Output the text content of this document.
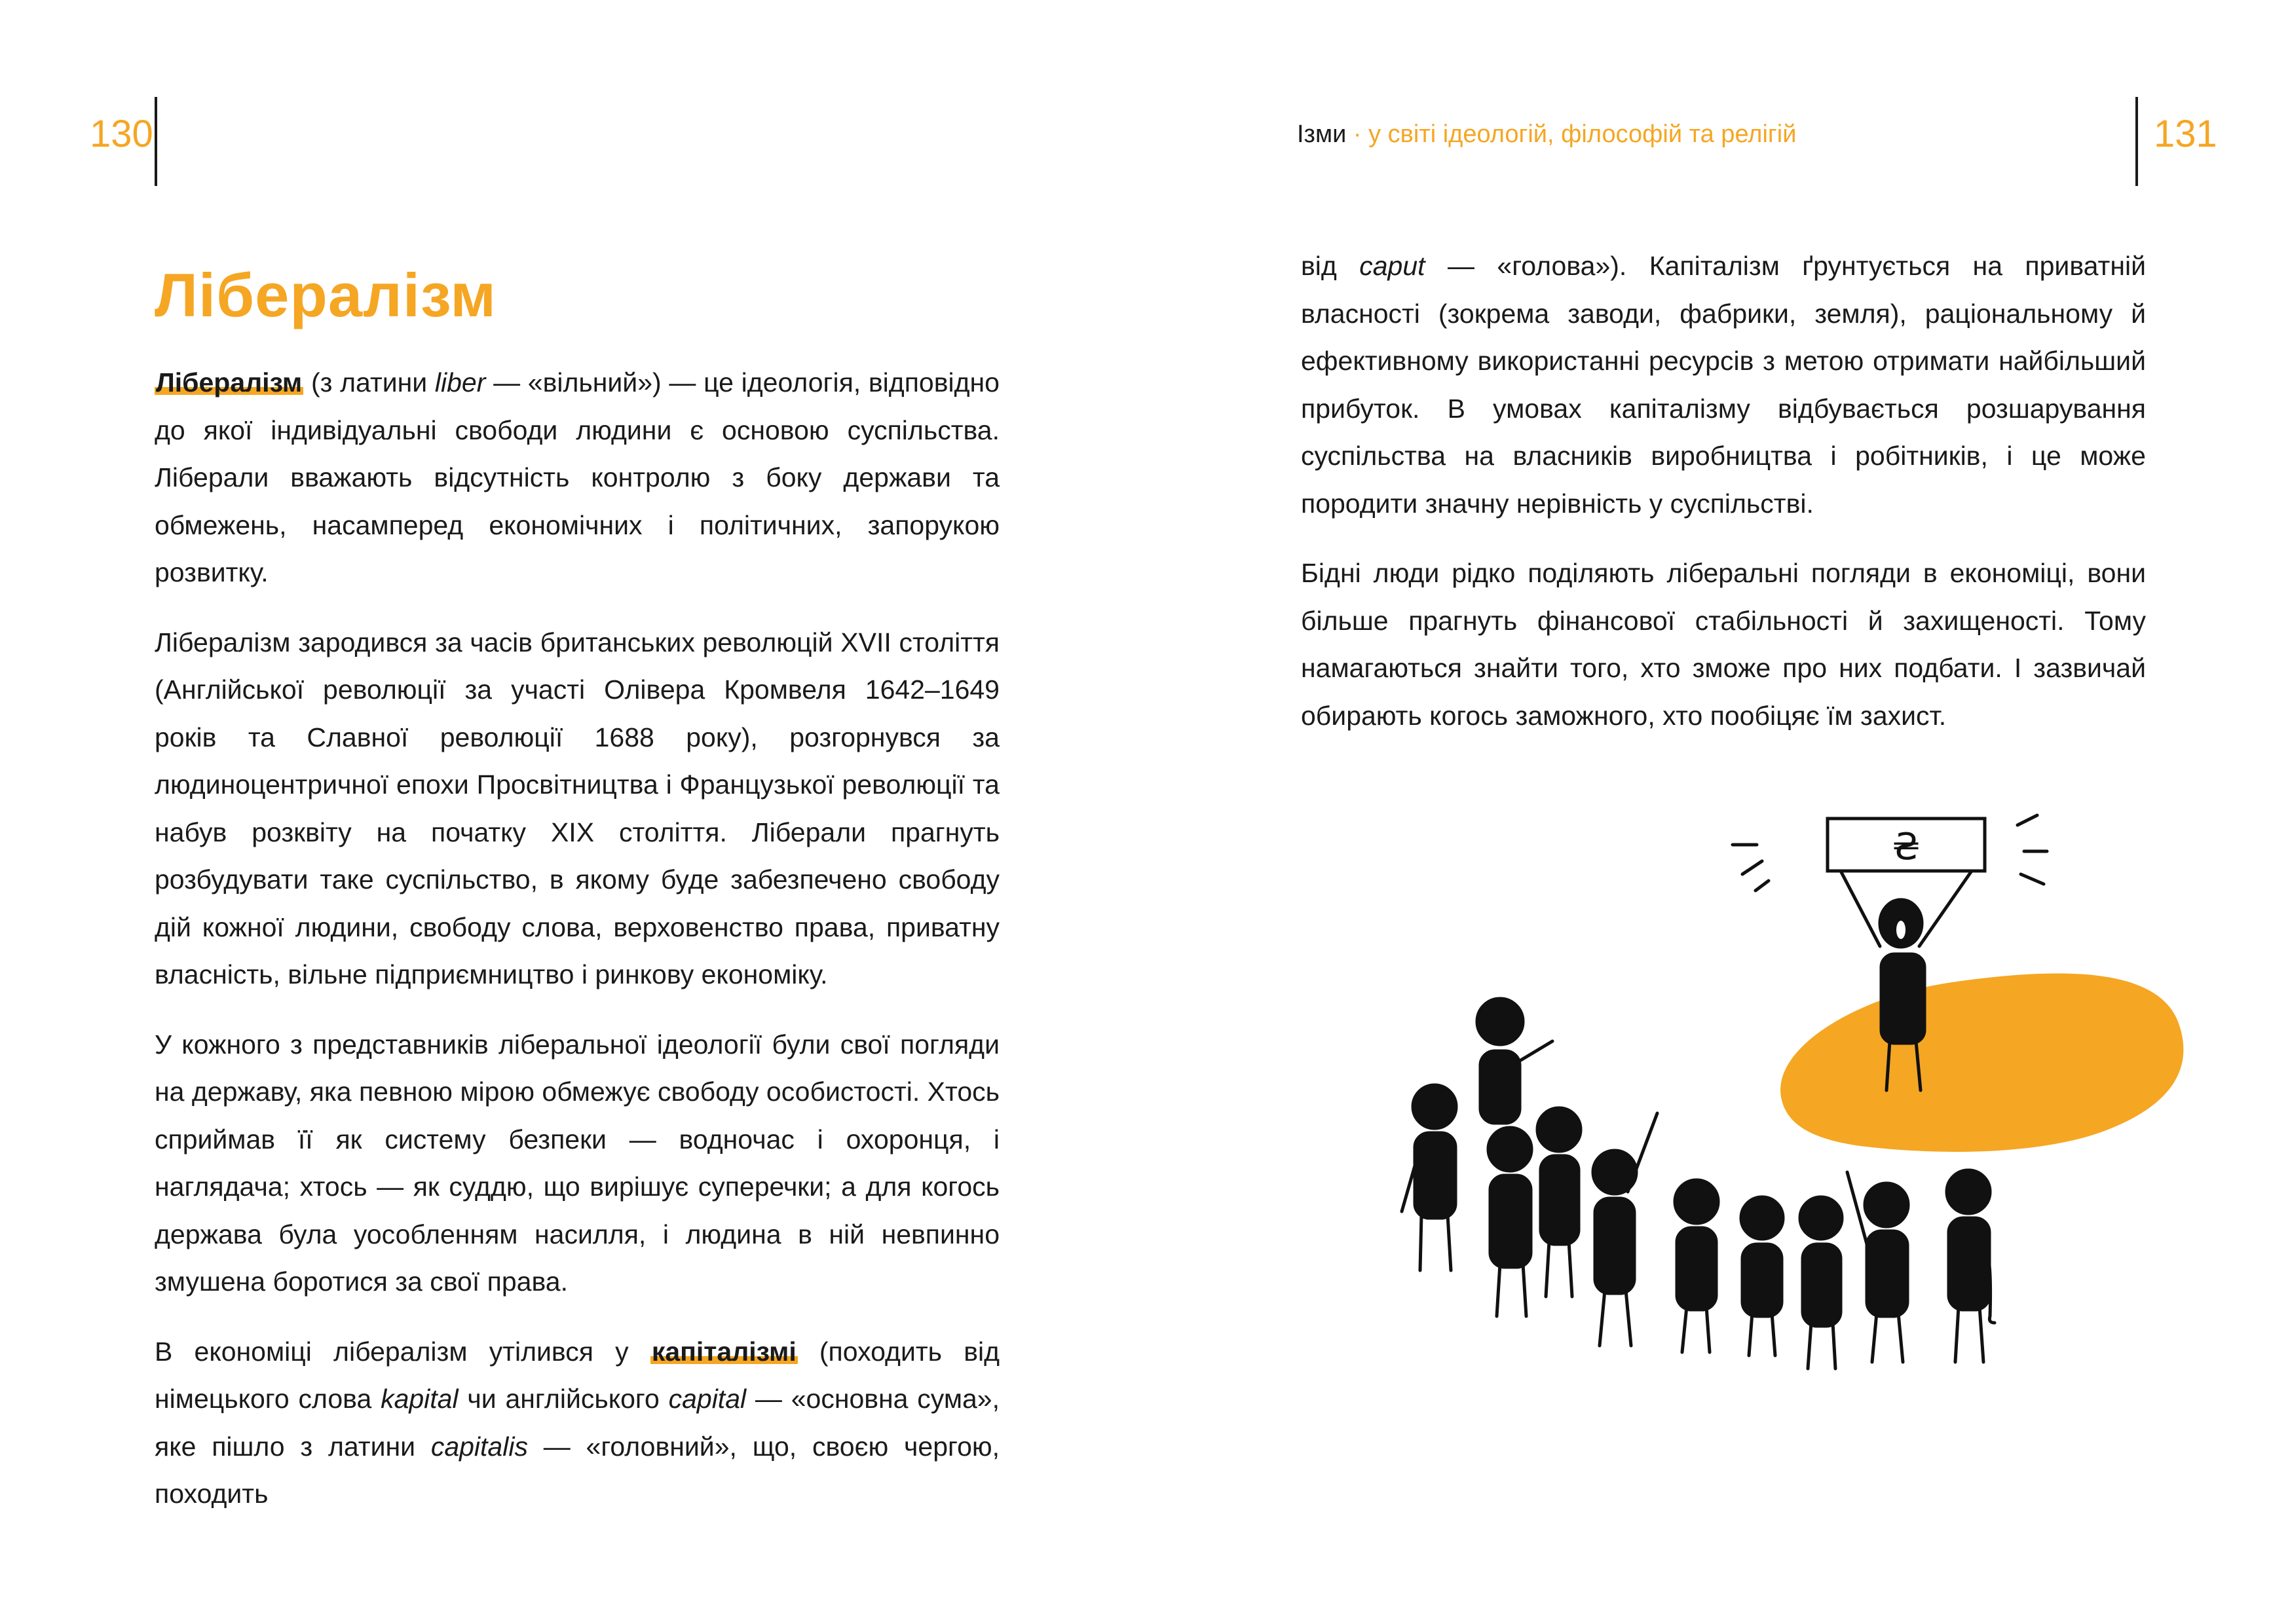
130	Ізми · у світі ідеологій, філософій та релігій	131
Лібералізм

Лібералізм (з латини liber — «вільний») — це ідеологія, відповідно до якої індивідуальні свободи людини є основою суспільства. Ліберали вважають відсутність контролю з боку держави та обмежень, насамперед економічних і політичних, запорукою розвитку.

Лібералізм зародився за часів британських революцій XVII століття (Англійської революції за участі Олівера Кромвеля 1642–1649 років та Славної революції 1688 року), розгорнувся за людиноцентричної епохи Просвітництва і Французької революції та набув розквіту на початку XIX століття. Ліберали прагнуть розбудувати таке суспільство, в якому буде забезпечено свободу дій кожної людини, свободу слова, верховенство права, приватну власність, вільне підприємництво і ринкову економіку.

У кожного з представників ліберальної ідеології були свої погляди на державу, яка певною мірою обмежує свободу особистості. Хтось сприймав її як систему безпеки — водночас і охоронця, і наглядача; хтось — як суддю, що вирішує суперечки; а для когось держава була уособленням насилля, і людина в ній невпинно змушена боротися за свої права.

В економіці лібералізм утілився у капіталізмі (походить від німецького слова kapital чи англійського capital — «основна сума», яке пішло з латини capitalis — «головний», що, своєю чергою, походить

від caput — «голова»). Капіталізм ґрунтується на приватній власності (зокрема заводи, фабрики, земля), раціональному й ефективному використанні ресурсів з метою отримати найбільший прибуток. В умовах капіталізму відбувається розшарування суспільства на власників виробництва і робітників, і це може породити значну нерівність у суспільстві.

Бідні люди рідко поділяють ліберальні погляди в економіці, вони більше прагнуть фінансової стабільності й захищеності. Тому намагаються знайти того, хто зможе про них подбати. І зазвичай обирають когось заможного, хто пообіцяє їм захист.

₴
